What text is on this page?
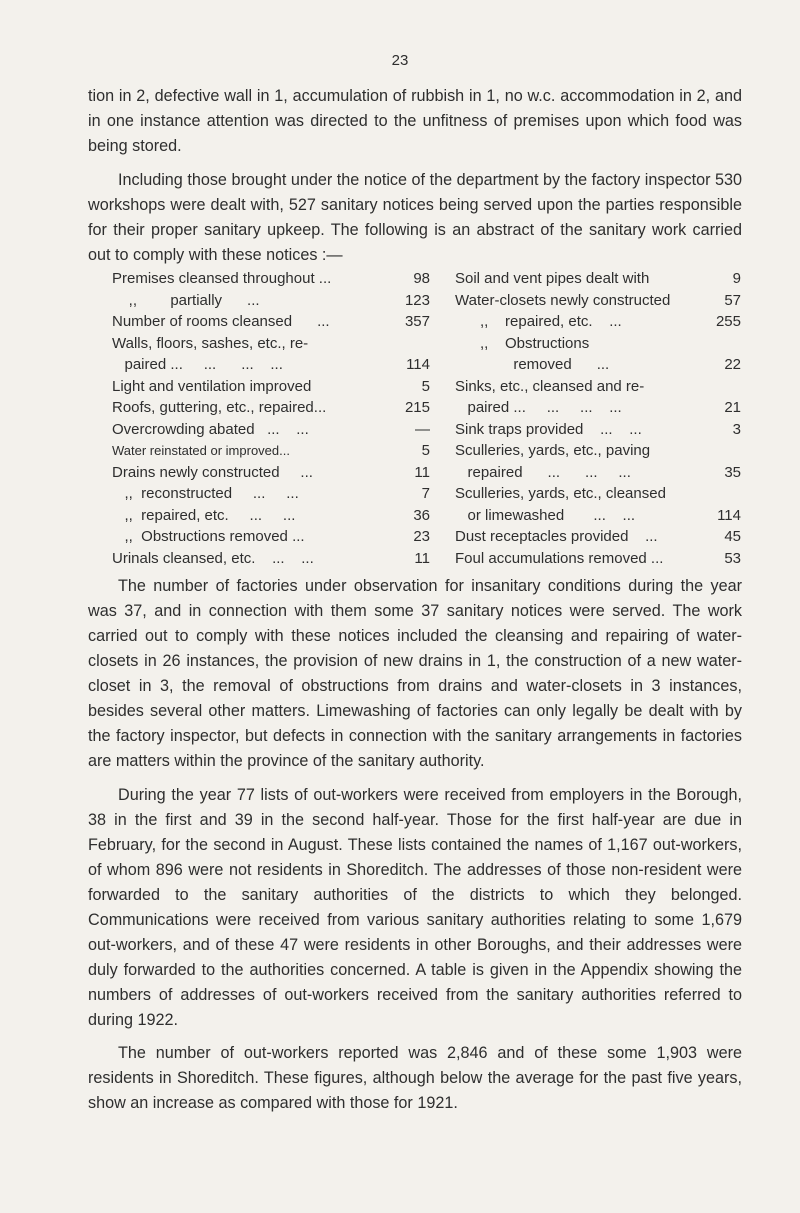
23

tion in 2, defective wall in 1, accumulation of rubbish in 1, no w.c. accommodation in 2, and in one instance attention was directed to the unfitness of premises upon which food was being stored.

Including those brought under the notice of the department by the factory inspector 530 workshops were dealt with, 527 sanitary notices being served upon the parties responsible for their proper sanitary upkeep. The following is an abstract of the sanitary work carried out to comply with these notices :—

Premises cleansed throughout ...	98
,,        partially      ...	123
Number of rooms cleansed      ...	357
Walls, floors, sashes, etc., re-
paired ...     ...      ...    ...	114
Light and ventilation improved	5
Roofs, guttering, etc., repaired...	215
Overcrowding abated   ...    ...	—
Water reinstated or improved...	5
Drains newly constructed     ...	11
,,  reconstructed     ...     ...	7
,,  repaired, etc.     ...     ...	36
,,  Obstructions removed ...	23
Urinals cleansed, etc.    ...    ...	11
Soil and vent pipes dealt with	9
Water-closets newly constructed	57
,,    repaired, etc.    ...	255
,,    Obstructions
removed      ...	22
Sinks, etc., cleansed and re-
paired ...     ...     ...    ...	21
Sink traps provided    ...    ...	3
Sculleries, yards, etc., paving
repaired      ...      ...     ...	35
Sculleries, yards, etc., cleansed
or limewashed       ...    ...	114
Dust receptacles provided    ...	45
Foul accumulations removed ...	53

The number of factories under observation for insanitary conditions during the year was 37, and in connection with them some 37 sanitary notices were served. The work carried out to comply with these notices included the cleansing and repairing of water-closets in 26 instances, the provision of new drains in 1, the construction of a new water-closet in 3, the removal of obstructions from drains and water-closets in 3 instances, besides several other matters. Limewashing of factories can only legally be dealt with by the factory inspector, but defects in connection with the sanitary arrangements in factories are matters within the province of the sanitary authority.

During the year 77 lists of out-workers were received from employers in the Borough, 38 in the first and 39 in the second half-year. Those for the first half-year are due in February, for the second in August. These lists contained the names of 1,167 out-workers, of whom 896 were not residents in Shoreditch. The addresses of those non-resident were forwarded to the sanitary authorities of the districts to which they belonged. Communications were received from various sanitary authorities relating to some 1,679 out-workers, and of these 47 were residents in other Boroughs, and their addresses were duly forwarded to the authorities concerned. A table is given in the Appendix showing the numbers of addresses of out-workers received from the sanitary authorities referred to during 1922.

The number of out-workers reported was 2,846 and of these some 1,903 were residents in Shoreditch. These figures, although below the average for the past five years, show an increase as compared with those for 1921.
